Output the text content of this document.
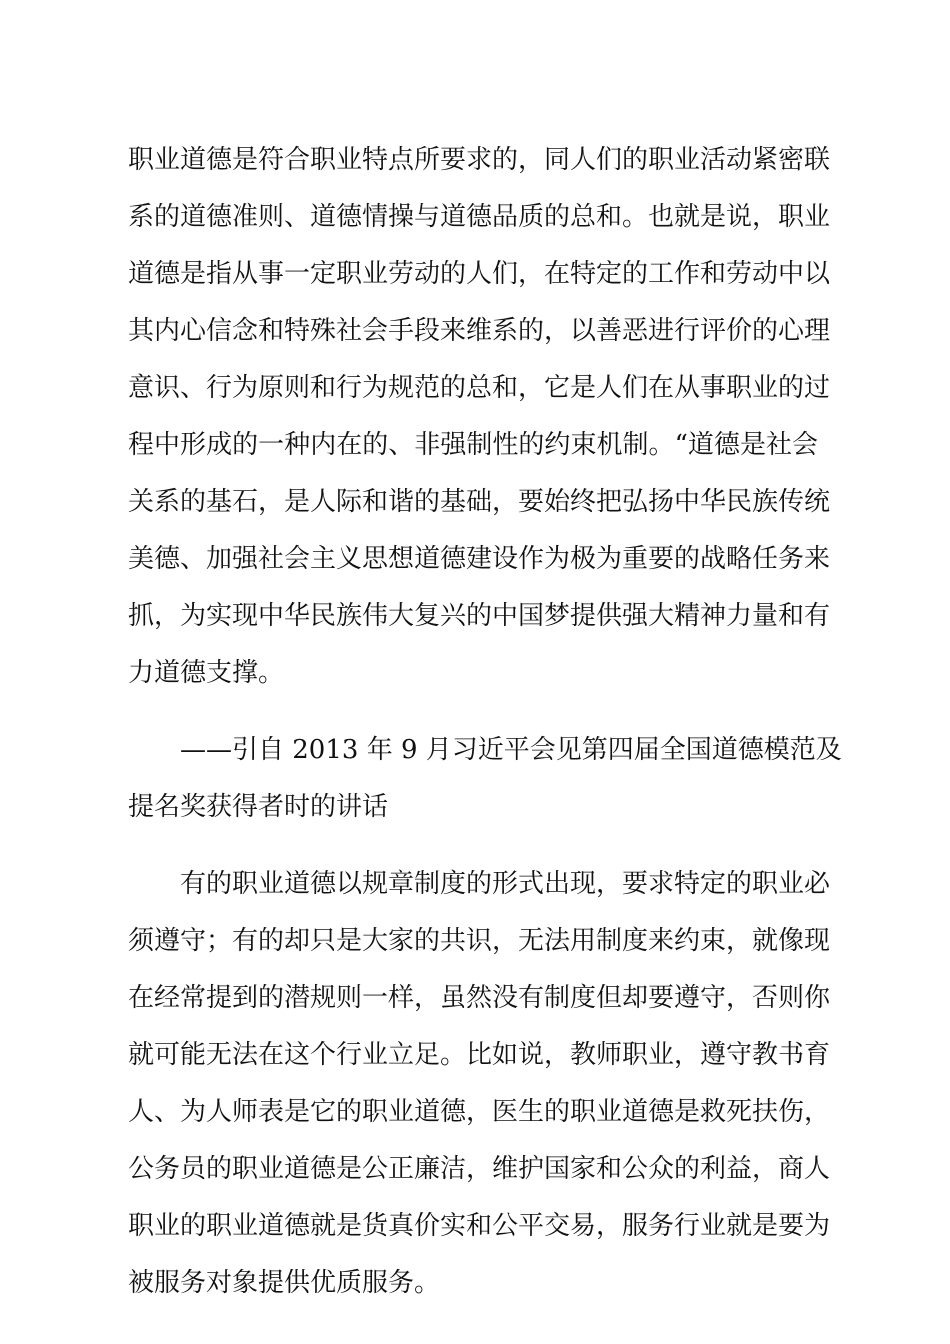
职业道德是符合职业特点所要求的，同人们的职业活动紧密联

系的道德准则、道德情操与道德品质的总和。也就是说，职业

道德是指从事一定职业劳动的人们，在特定的工作和劳动中以

其内心信念和特殊社会手段来维系的，以善恶进行评价的心理

意识、行为原则和行为规范的总和，它是人们在从事职业的过

程中形成的一种内在的、非强制性的约束机制。“道德是社会

关系的基石，是人际和谐的基础，要始终把弘扬中华民族传统

美德、加强社会主义思想道德建设作为极为重要的战略任务来

抓，为实现中华民族伟大复兴的中国梦提供强大精神力量和有

力道德支撑。

——引自 2013 年 9 月习近平会见第四届全国道德模范及

提名奖获得者时的讲话

有的职业道德以规章制度的形式出现，要求特定的职业必

须遵守；有的却只是大家的共识，无法用制度来约束，就像现

在经常提到的潜规则一样，虽然没有制度但却要遵守，否则你

就可能无法在这个行业立足。比如说，教师职业，遵守教书育

人、为人师表是它的职业道德，医生的职业道德是救死扶伤，

公务员的职业道德是公正廉洁，维护国家和公众的利益，商人

职业的职业道德就是货真价实和公平交易，服务行业就是要为

被服务对象提供优质服务。
